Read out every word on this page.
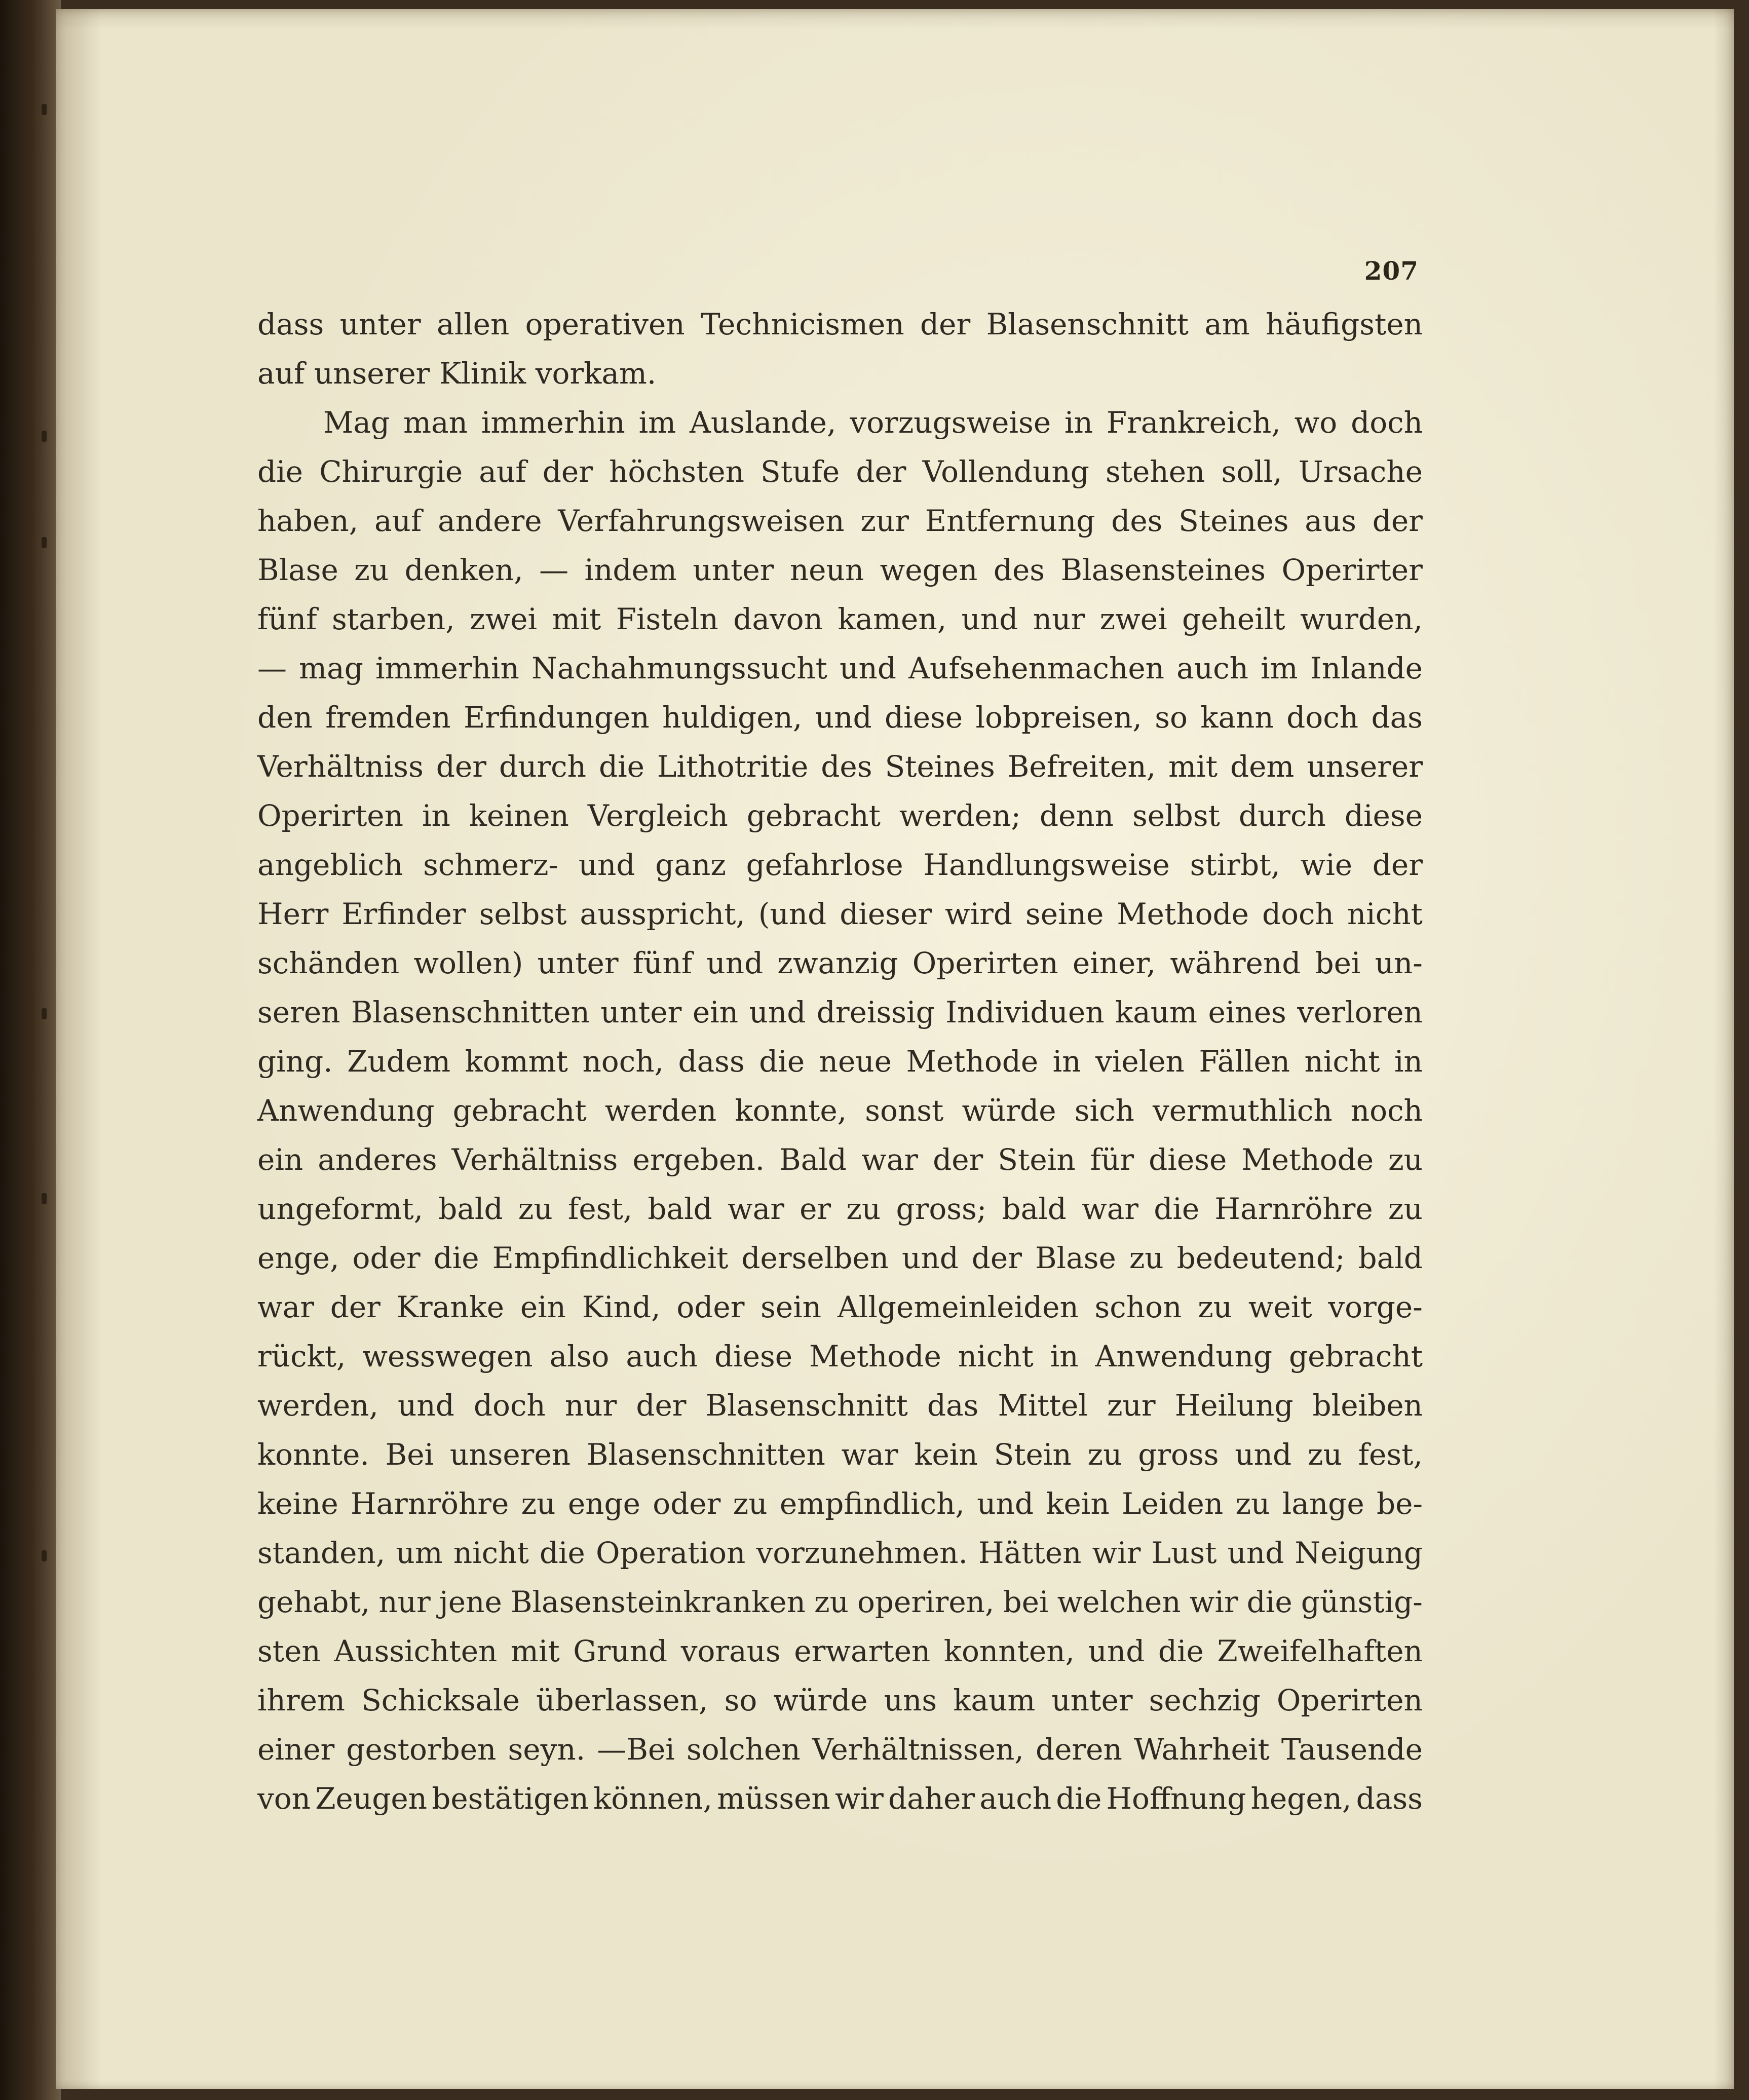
207
dass unter allen operativen Technicismen der Blasenschnitt am häufigsten
auf unserer Klinik vorkam.
Mag man immerhin im Auslande, vorzugsweise in Frankreich, wo doch
die Chirurgie auf der höchsten Stufe der Vollendung stehen soll, Ursache
haben, auf andere Verfahrungsweisen zur Entfernung des Steines aus der
Blase zu denken, — indem unter neun wegen des Blasensteines Operirter
fünf starben, zwei mit Fisteln davon kamen, und nur zwei geheilt wurden,
— mag immerhin Nachahmungssucht und Aufsehenmachen auch im Inlande
den fremden Erfindungen huldigen, und diese lobpreisen, so kann doch das
Verhältniss der durch die Lithotritie des Steines Befreiten, mit dem unserer
Operirten in keinen Vergleich gebracht werden; denn selbst durch diese
angeblich schmerz- und ganz gefahrlose Handlungsweise stirbt, wie der
Herr Erfinder selbst ausspricht, (und dieser wird seine Methode doch nicht
schänden wollen) unter fünf und zwanzig Operirten einer, während bei un-
seren Blasenschnitten unter ein und dreissig Individuen kaum eines verloren
ging. Zudem kommt noch, dass die neue Methode in vielen Fällen nicht in
Anwendung gebracht werden konnte, sonst würde sich vermuthlich noch
ein anderes Verhältniss ergeben. Bald war der Stein für diese Methode zu
ungeformt, bald zu fest, bald war er zu gross; bald war die Harnröhre zu
enge, oder die Empfindlichkeit derselben und der Blase zu bedeutend; bald
war der Kranke ein Kind, oder sein Allgemeinleiden schon zu weit vorge-
rückt, wesswegen also auch diese Methode nicht in Anwendung gebracht
werden, und doch nur der Blasenschnitt das Mittel zur Heilung bleiben
konnte. Bei unseren Blasenschnitten war kein Stein zu gross und zu fest,
keine Harnröhre zu enge oder zu empfindlich, und kein Leiden zu lange be-
standen, um nicht die Operation vorzunehmen. Hätten wir Lust und Neigung
gehabt, nur jene Blasensteinkranken zu operiren, bei welchen wir die günstig-
sten Aussichten mit Grund voraus erwarten konnten, und die Zweifelhaften
ihrem Schicksale überlassen, so würde uns kaum unter sechzig Operirten
einer gestorben seyn. —Bei solchen Verhältnissen, deren Wahrheit Tausende
von Zeugen bestätigen können, müssen wir daher auch die Hoffnung hegen, dass
